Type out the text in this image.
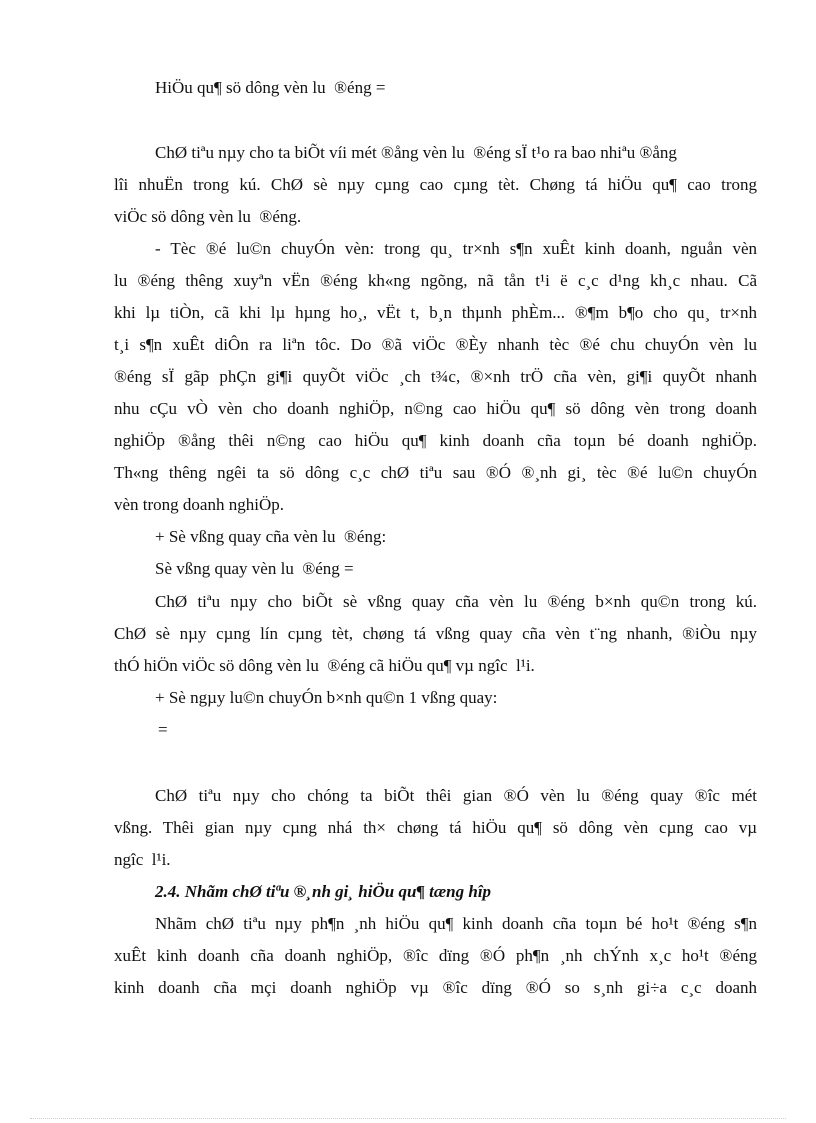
HiÖu qu¶ sö dông vèn lu  ®éng =
ChØ tiªu nµy cho ta biÕt víi mét ®ång vèn lu  ®éng sÏ t¹o ra bao nhiªu ®ång
lîi nhuËn trong kú. ChØ sè nµy cµng cao cµng tèt. Chøng tá hiÖu qu¶ cao trong
viÖc sö dông vèn lu  ®éng.
- Tèc ®é lu©n chuyÓn vèn: trong qu¸ tr×nh s¶n xuÊt kinh doanh, nguån vèn
lu ®éng thêng xuyªn vËn ®éng kh«ng ngõng, nã tån t¹i ë c¸c d¹ng kh¸c nhau. Cã
khi lµ tiÒn, cã khi lµ hµng ho¸, vËt t, b¸n thµnh phÈm... ®¶m b¶o cho qu¸ tr×nh
t¸i s¶n xuÊt diÔn ra liªn tôc. Do ®ã viÖc ®Èy nhanh tèc ®é chu chuyÓn vèn lu
®éng sÏ gãp phÇn gi¶i quyÕt viÖc ¸ch t¾c, ®×nh trÖ cña vèn, gi¶i quyÕt nhanh
nhu cÇu vÒ vèn cho doanh nghiÖp, n©ng cao hiÖu qu¶ sö dông vèn trong doanh
nghiÖp ®ång thêi n©ng cao hiÖu qu¶ kinh doanh cña toµn bé doanh nghiÖp.
Th«ng thêng ngêi ta sö dông c¸c chØ tiªu sau ®Ó ®¸nh gi¸ tèc ®é lu©n chuyÓn
vèn trong doanh nghiÖp.
+ Sè vßng quay cña vèn lu  ®éng:
Sè vßng quay vèn lu  ®éng =
ChØ tiªu nµy cho biÕt sè vßng quay cña vèn lu ®éng b×nh qu©n trong kú.
ChØ sè nµy cµng lín cµng tèt, chøng tá vßng quay cña vèn t¨ng nhanh, ®iÒu nµy
thÓ hiÖn viÖc sö dông vèn lu  ®éng cã hiÖu qu¶ vµ ngîc  l¹i.
+ Sè ngµy lu©n chuyÓn b×nh qu©n 1 vßng quay:
=
ChØ tiªu nµy cho chóng ta biÕt thêi gian ®Ó vèn lu ®éng quay ®îc mét
vßng. Thêi gian nµy cµng nhá th× chøng tá hiÖu qu¶ sö dông vèn cµng cao vµ
ngîc  l¹i.
2.4. Nhãm chØ tiªu ®¸nh gi¸ hiÖu qu¶ tæng hîp
Nhãm chØ tiªu nµy ph¶n ¸nh hiÖu qu¶ kinh doanh cña toµn bé ho¹t ®éng s¶n
xuÊt kinh doanh cña doanh nghiÖp, ®îc dïng ®Ó ph¶n ¸nh chÝnh x¸c ho¹t ®éng
kinh doanh cña mçi doanh nghiÖp vµ ®îc dïng ®Ó so s¸nh gi÷a c¸c doanh
